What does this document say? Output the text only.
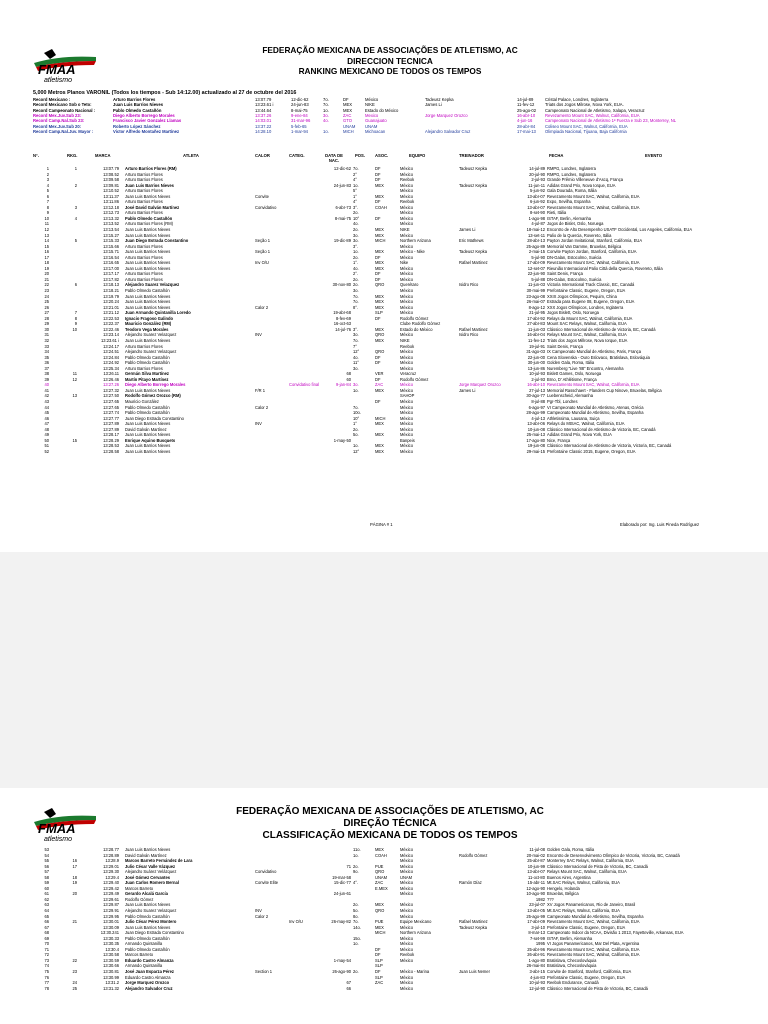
FMAA
atletismo
FEDERAÇÃO MEXICANA DE ASSOCIAÇÕES DE ATLETISMO, AC
DIRECCION TECNICA
RANKING MEXICANO DE TODOS OS TEMPOS
5,000 Metros Planos VARONIL (Todos los tiempos - Sub 14:12.00) actualizado al 27 de octubre del 2016
Record Mexicano :	Arturo Barrios Flores	13:07.79	12-dic-62	7o.	DF	México	Tadeusz Kepka	14-jul-89	Cristal Palace, Londres, Inglaterra
Record Mexicano Sob o Teto:	Juan Luis Barrios Nieves	13:23.61 i	24-jun-83	7o.	MEX	NIKE	James Li	11-fev-12	Triats dos Jogos Milrose, Nova York, EUA.
Record Campeonato Nacional :	Pablo Olmedo Castañón	13:44.64	8-mai-75	1o.	MEX	Estado do México	25-ago-02	Campeonato Nacional de Atletismo, Xalapa, Veracruz
Record Mex.Juv.Sub 23:	Diego Alberto Borrego Morales	13:37.26	9-ene-84	3o.	ZAC	Mexico	Jorge Marquez Orozco	16-abr-10	Revezamento Mount SAC, Walnut, California, EUA
Record Camp.Nal.Sub 23:	Francisco Javier Gonzalez Llamas	14:03.01	31-mar-96	4o.	GTO	Guanajuato	4-jun-16	Campeonato Nacional de Atletismo 1ª Fuerza e Sub 23, Monterrey, NL
Record Mex.Juv.Sub 20:	Roberto López Sánchez	13:37.22	5-feb-65	UNAM	UNAM	28-abr-84	Coliseo Mount SAC, Walnut, California, EUA
Record Camp.Nal.Juv. Mayor :	Victor Alfredo Montañez Martínez	14:28.10	1-mar-94	1o.	MICH	Michoacan	Alejandro Salvador Cruz	17-mai-13	Olimpiada Nacional, Tijuana, Baja California
N°.	RKG.	MARCA	ATLETA	CALOR	CATEG.	DATA DE NAC.
POS. ASOC.	EQUIPO	TREINADOR	FECHA	EVENTO
1	1	13:07.79 Arturo Barrios Flores (RM)	12-dic-62 7o.	DF	México	Tadeusz Kepka	14-jul-89 RMPG, Londres, Inglaterra
2	13:08.52 Arturo Barrios Flores	2°	DF	México	20-jul-90 RMPG, Londres, Inglaterra
3	13:09.58 Arturo Barrios Flores	4°	DF	Reebok	2-jul-93 Grande Prêmio Villeneuve d'Ascq, França
4	2	13:09.81 Juan Luis Barrios Nieves	24-jun-83 1o.	MEX	México	Tadeusz Kepka	11-jun-11 Adidas Grand Prix, Nova Iorque, EUA
5	13:10.52 Arturo Barrios Flores	5°	México	5-jun-92 Gala Dourada, Roma, Itália
6	13:11.37 Juan Luis Barrios Nieves	Convite	1°	MEX	México	13-abr-07 Revezamento Mount SAC, Walnut, California, EUA
7	13:11.86 Arturo Barrios Flores	4°	DF	Reebok	6-jun-92 Expo, Sevilha, Espanha
8	3	13:12.18 José David Galván Martínez	Convidativo	6-abr-73 3°.	COAH	México	13-abr-07 Revezamento Mount SAC, Walnut, California, EUA
9	13:12.73 Arturo Barrios Flores	2o.	México	8-set-90 Rieti, Itália
10	4	13:13.32 Pablo Olmedo Castañón	8-mai-75 10°	DF	México	1-ago-98 ISTAF, Berlin, Alemanha
11	13:13.52 Arturo Barrios Flores (RM)	4o.	México	4-jul-87 Jogos de Bislet, Oslo, Noruega
12	13:13.54 Juan Luis Barrios Nieves	2o.	MEX	NIKE	James Li	18-mai-12 Encontro de Alto Desempenho USATF Occidental, Los Angeles, California, EUA
13	13:15.27 Juan Luis Barrios Nieves	3o.	MEX	México	13-set-11 Palio de la Quercia, Rovereto, Itália
14	5	13:15.33 Juan Diego Estrada Constantino	Seção 1	19-dic-89 3o.	MICH	Northern Arizona	Eric Mathews	28-abr-13 Payton Jordan Invitational, Stanford, California, EUA
15	13:15.66 Arturo Barrios Flores	3°.	México	25-ago-89 Memorial Van Damme, Bruxelas, Bélgica
16	13:15.71 Juan Luis Barrios Nieves	Seção 1	1o.	MEX	México - Nike	Tadeusz Kepka	2-mai-15 Convite Payton Jordan, Stanford, California, EUA
17	13:16.54 Arturo Barrios Flores	2o.	DF	México	5-jul-90 DN-Galan, Estocolmo, Suécia
18	13:16.65 Juan Luis Barrios Nieves	Inv O/U	1°.	MEX	Nike	Rafael Martinez	17-abr-09 Revezamento Mount SAC, Walnut, California, EUA
19	13:17.00 Juan Luis Barrios Nieves	4o.	MEX	México	12-set-07 Rieunião Internacional Palio Città della Quercia, Rovereto, Itália
20	13:17.17 Arturo Barrios Flores	2°.	DF	México	22-jun-90 Saint Denis, França
21	13:17.82 Arturo Barrios Flores	2o.	DF	México	5-jul-88 DN-Galan, Estocolmo, Suécia
22	6	13:18.13 Alejandro Suarez Velazquez	30-nov-80 2o.	QRO	Querétaro	Isidro Rico	11-jun-03 Victoria International Track Classic, BC, Canadá
23	13:18.21 Pablo Olmedo Castañón	3o.	México	30-mai-99 Prefontaine Classic, Eugene, Oregon, EUA
24	13:19.79 Juan Luis Barrios Nieves	7o.	MEX	México	23-ago-08 XXIX Jogos Olímpicos, Pequim, China
25	13:20.24 Juan Luis Barrios Nieves	7o.	MEX	México	26-mai-07 Estrada para Eugene 08, Eugene, Oregon, EUA
26	13:21.01 Juan Luis Barrios Nieves	Calor 2	8°.	MEX	México	8-ago-12 XXX Jogos Olímpicos, Londres, Inglaterra
27	7	13:21.12 Juan Armando Quintanilla Loredo	19-abr-68	SLP	México	21-jul-95 Jogos Bislett, Oslo, Noruega
28	8	13:22.53 Ignacio Fragoso Galindo	8-fev-69	DF	Rodolfo Gómez	17-abr-92 Relays da Mount SAC, Walnut, California, EUA
29	9	13:22.37 Mauricio González (RM)	16-oct-63	Clube Rodolfo Gómez	27-abr-83 Mount SAC Relays, Walnut, California, EUA
30	10	13:22.46 Teodoro Vega Morales	14-jul-76 3°.	MEX	Estado do México	Rafael Martinez	11-jun-03 Clássico Internacional de Atletismo de Victoria, BC, Canadá
31	13:23.14 Alejandro Suarez Velazquez	INV	3o.	QRO	México	Isidro Rico	16-abr-04 Relays Mount SAC, Walnut, California, EUA
32	13:23.61 i Juan Luis Barrios Nieves	7o.	MEX	NIKE	11-fev-12 Triats dos Jogos Millrose, Nova Iorque, EUA
33	13:24.17 Arturo Barrios Flores	7°	Reebok	19-jul-91 Saint Denis, França
34	13:24.51 Alejandro Suarez Velazquez	12°	QRO	México	31-ago-03 IX Campeonato Mundial de Atletismo, Paris, França
35	13:24.84 Pablo Olmedo Castañón	4o.	DF	México	22-jun-00 Cena Slovenska - Ouro Eslovaco, Bratislava, Eslováquia
36	13:24.92 Pablo Olmedo Castañón	11°	DF	México	30-jun-00 Golden Gala, Roma, Itália
37	13:25.34 Arturo Barrios Flores	3o.	México	13-jun-86 Nuremberg "Live '88" Encontro, Alemanha
38	11	13:26.11 Germán Silva Martínez	68	VER	Veracruz	10-jul-93 Bislett Games, Oslo, Noruega
39	12	13:26.46 Martín Pitayo Martínez	60	DF	Rodolfo Gómez	2-jul-93 Brno, D' Athlétisme, França
40	13:27.26 Diego Alberto Borrego Morales	Convidativo final	9-jan-84 3o.	ZAC	México	Jorge Marquez Orozco	16-abr-10 Revezamento Mount SAC, Walnut, California, EUA
41	13:27.32 Juan Luis Barrios Nieves	F/R 1	1o.	MEX	México	James Li	27-jul-13 Memorial Rasschaert - Flanders Cup Ninove, Bruxelas, Bélgica
42	13	13:27.50 Rodolfo Gómez Orozco (RM)	SAHOP	30-ago-77 Luebenscheid, Alemanha
43	13:27.65 Mauricio González	DF	México	8-jul-88 Pgr-Tbl, Londres
44	13:27.65 Pablo Olmedo Castañón	Calor 2	7o.	México	6-ago-97 VI Campeonato Mundial de Atletismo, Atenas, Grécia
45	13:27.74 Pablo Olmedo Castañón	10o.	México	28-ago-99 Campeonato Mundial de Atletismo, Sevilha, Espanha
46	13:27.77 Juan Diego Estrada Constantino	10°	MICH	México	4-jul-13 Athletissima, Lausana, Suiça
47	13:27.89 Juan Luis Barrios Nieves	INV	1°	MEX	México	13-abr-06 Relays do MtSAC, Walnut, California, EUA
48	13:27.89 David Galván Martínez	2o.	México	10-jun-08 Clássico Internacional de Atletismo de Victoria, BC, Canadá
49	13:28.17 Juan Luis Barrios Nieves	5o.	MEX	México	25-mai-13 Adidas Grand Prix, Nova York, EUA
50	15	13:28.29 Enrique Aquino Busquets	1-may-50	Banpeis	17-ago-80 Nice, França
51	13:28.53 Juan Luis Barrios Nieves	1o.	MEX	México	19-jun-08 Clássico Internacional de Atletismo de Victoria, Victoria, BC, Canadá
52	13:28.58 Juan Luis Barrios Nieves	12°	MEX	México	29-mai-15 Prefontaine Classic 2015, Eugene, Oregon, EUA
PÁGINA # 1	Elaborado por: Ing. Luis Pineda Rodríguez
FMAA
atletismo
FEDERAÇÃO MEXICANA DE ASSOCIAÇÕES DE ATLETISMO, AC
DIREÇÃO TÉCNICA
CLASSIFICAÇÃO MEXICANA DE TODOS OS TEMPOS
53	13:28.77 Juan Luis Barrios Nieves	11o.	MEX	México	11-jul-08 Golden Gala, Roma, Itália
54	13:28.89 David Galván Martínez	1o.	COAH	México	Rodolfo Gómez	20-mai-02 Encontro de Desenvolvimento Olímpico de Victoria, Victoria, BC, Canadá
55	16	13:28.9 Marcos Barreto Fernández de Lara	México	25-abr-87 Monterrey SAC Relays, Walnut, California, EUA
56	17	13:29.01 Julio César Valle Vázquez	71 2o.	PUE	México	10-jun-99 Clássico Internacional de Pista de Victoria, BC, Canadá
57	13:29.30 Alejandro Suárez Velázquez	Convidativo	9o.	QRO	México	13-abr-07 Relays Mount SAC, Walnut, California, EUA
58	18	13:29.4 José Gómez Cervantes	19-mar-58	UNAM	UNAM	11-oct-80 Buenos Aires, Argentina
59	19	13:29.40 Juan Carlos Romero Bernal	Convite Elite	15-dic-77 4°.	ZAC	México	Ramón Díaz	15-abr-11 Mt.SAC Relays, Walnut, California, EUA
60	13:29.42 Marcos Barreto	E.MEX	México	12-ago-90 Hengelo, Holanda
61	20	13:29.49 Gerardo Alcalá García	24-jun-61	México	10-ago-90 Bruxelas, Bélgica
62	13:29.61 Rodolfo Gómez	1982 ???
63	13:29.87 Juan Luis Barrios Nieves	2o.	MEX	México	23-jul-07 XV Jogos Panamericanos, Rio de Janeiro, Brasil
64	13:29.91 Alejandro Suarez Velazquez	INV	5o.	QRO	México	13-abr-05 Mt.SAC Relays, Walnut, California, EUA
65	13:29.95 Pablo Olmedo Castañón	Calor 2	8o.	México	25-ago-99 Campeonato Mundial de Atletismo, Sevilha, Espanha
66	21	13:30.01 Julio César Pérez Montero	Inv O/U	26-may-82 7o.	PUE	Equipe Mexicano	Rafael Martinez	17-abr-09 Revezamento Mount SAC, Walnut, California, EUA
67	13:30.09 Juan Luis Barrios Nieves	14o.	MEX	México	Tadeusz Kepka	3-jul-10 Prefontaine Classic, Eugene, Oregon, EUA
68	13:30.241 Juan Diego Estrada Constantino	MICH	Northern Arizona	8-mar-13 Campeonato Indoor da NCAA, Divisão 1 2013, Fayetteville, Arkansas, EUA
69	13:30.33 Pablo Olmedo Castañón	15o.	México	7-set-99 ISTAF, Berlim, Alemanha
70	13:30.35 Armando Quintanilla	1o.	México	1995 VI Jogos Panamericanos, Mar Del Plata, Argentina
71	13:30.4 Pablo Olmedo Castañón	DF	México	25-abr-96 Revezamento Mount SAC, Walnut, California, EUA
72	13:30.58 Marcos Barreto	DF	Reebok	26-abr-91 Revezamento Mount SAC, Walnut, California, EUA
73	22	13:30.59 Eduardo Castro Almanza	1-may-54	SLP	México	1-ago-80 Bratislava, Checoslováquia
74	13:30.66 Armando Quintanilla	SLP	26-mai-84 Bratislava, Checoslováquia
75	23	13:30.81 José Juan Esparza Pérez	Section 1	26-ago-90 2o.	DF	México - Marina	Juan Luis Nemer	3-abr-15 Convite de Stanford, Stanford, California, EUA
76	13:30.99 Eduardo Castro Almanza	SLP	México	4-jun-83 Prefontaine Classic, Eugene, Oregon, EUA
77	24	13:31.2 Jorge Marquez Orozco	67	ZAC	México	10-jul-93 Reebok Endurance, Canadá
78	25	13:31.32 Alejandro Salvador Cruz	66	México	12-jul-90 Clássico Internacional de Pista de Victoria, BC, Canadá
